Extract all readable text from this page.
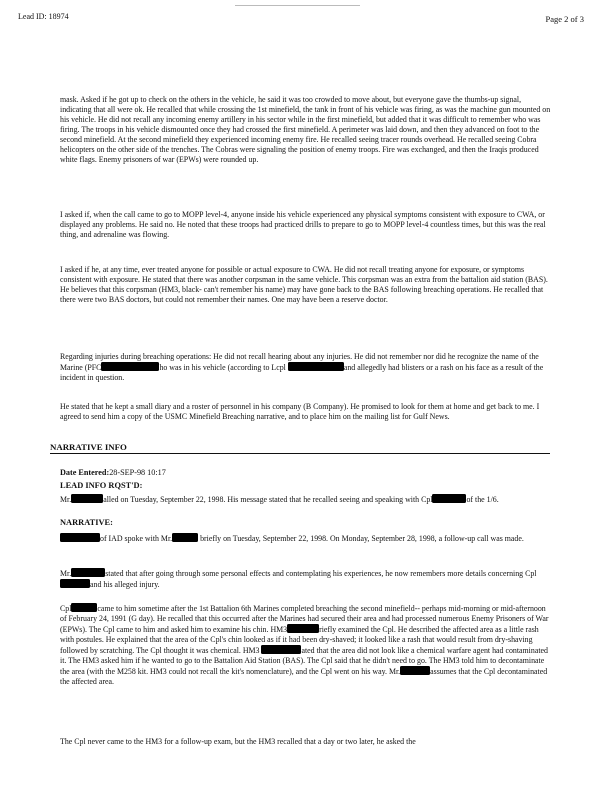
Lead ID: 18974	Page 2 of 3

mask. Asked if he got up to check on the others in the vehicle, he said it was too crowded to move about, but everyone gave the thumbs-up signal, indicating that all were ok. He recalled that while crossing the 1st minefield, the tank in front of his vehicle was firing, as was the machine gun mounted on his vehicle. He did not recall any incoming enemy artillery in his sector while in the first minefield, but added that it was difficult to remember who was firing. The troops in his vehicle dismounted once they had crossed the first minefield. A perimeter was laid down, and then they advanced on foot to the second minefield. At the second minefield they experienced incoming enemy fire. He recalled seeing tracer rounds overhead. He recalled seeing Cobra helicopters on the other side of the trenches. The Cobras were signaling the position of enemy troops. Fire was exchanged, and then the Iraqis produced white flags. Enemy prisoners of war (EPWs) were rounded up.

I asked if, when the call came to go to MOPP level-4, anyone inside his vehicle experienced any physical symptoms consistent with exposure to CWA, or displayed any problems. He said no. He noted that these troops had practiced drills to prepare to go to MOPP level-4 countless times, but this was the real thing, and adrenaline was flowing.

I asked if he, at any time, ever treated anyone for possible or actual exposure to CWA. He did not recall treating anyone for exposure, or symptoms consistent with exposure. He stated that there was another corpsman in the same vehicle. This corpsman was an extra from the battalion aid station (BAS). He believes that this corpsman (HM3, black- can't remember his name) may have gone back to the BAS following breaching operations. He recalled that there were two BAS doctors, but could not remember their names. One may have been a reserve doctor.

Regarding injuries during breaching operations: He did not recall hearing about any injuries. He did not remember nor did he recognize the name of the Marine (PFC	ho was in his vehicle (according to Lcpl	and allegedly had blisters or a rash on his face as a result of the incident in question.

He stated that he kept a small diary and a roster of personnel in his company (B Company). He promised to look for them at home and get back to me. I agreed to send him a copy of the USMC Minefield Breaching narrative, and to place him on the mailing list for Gulf News.

NARRATIVE INFO
Date Entered:28-SEP-98 10:17
LEAD INFO RQST'D:

Mr.	alled on Tuesday, September 22, 1998. His message stated that he recalled seeing and speaking with Cpl	of the 1/6.

NARRATIVE:

of IAD spoke with Mr.	briefly on Tuesday, September 22, 1998. On Monday, September 28, 1998, a follow-up call was made.

Mr.	stated that after going through some personal effects and contemplating his experiences, he now remembers more details concerning Cpland his alleged injury.

Cpl	came to him sometime after the 1st Battalion 6th Marines completed breaching the second minefield-- perhaps mid-morning or mid-afternoon of February 24, 1991 (G day). He recalled that this occurred after the Marines had secured their area and had processed numerous Enemy Prisoners of War (EPWs). The Cpl came to him and asked him to examine his chin. HM3	riefly examined the Cpl. He described the affected area as a little rash with postules. He explained that the area of the Cpl's chin looked as if it had been dry-shaved; it looked like a rash that would result from dry-shaving followed by scratching. The Cpl thought it was chemical. HM3	ated that the area did not look like a chemical warfare agent had contaminated it. The HM3 asked him if he wanted to go to the Battalion Aid Station (BAS). The Cpl said that he didn't need to go. The HM3 told him to decontaminate the area (with the M258 kit. HM3 could not recall the kit's nomenclature), and the Cpl went on his way. Mr.	assumes that the Cpl decontaminated the affected area.

The Cpl never came to the HM3 for a follow-up exam, but the HM3 recalled that a day or two later, he asked the
